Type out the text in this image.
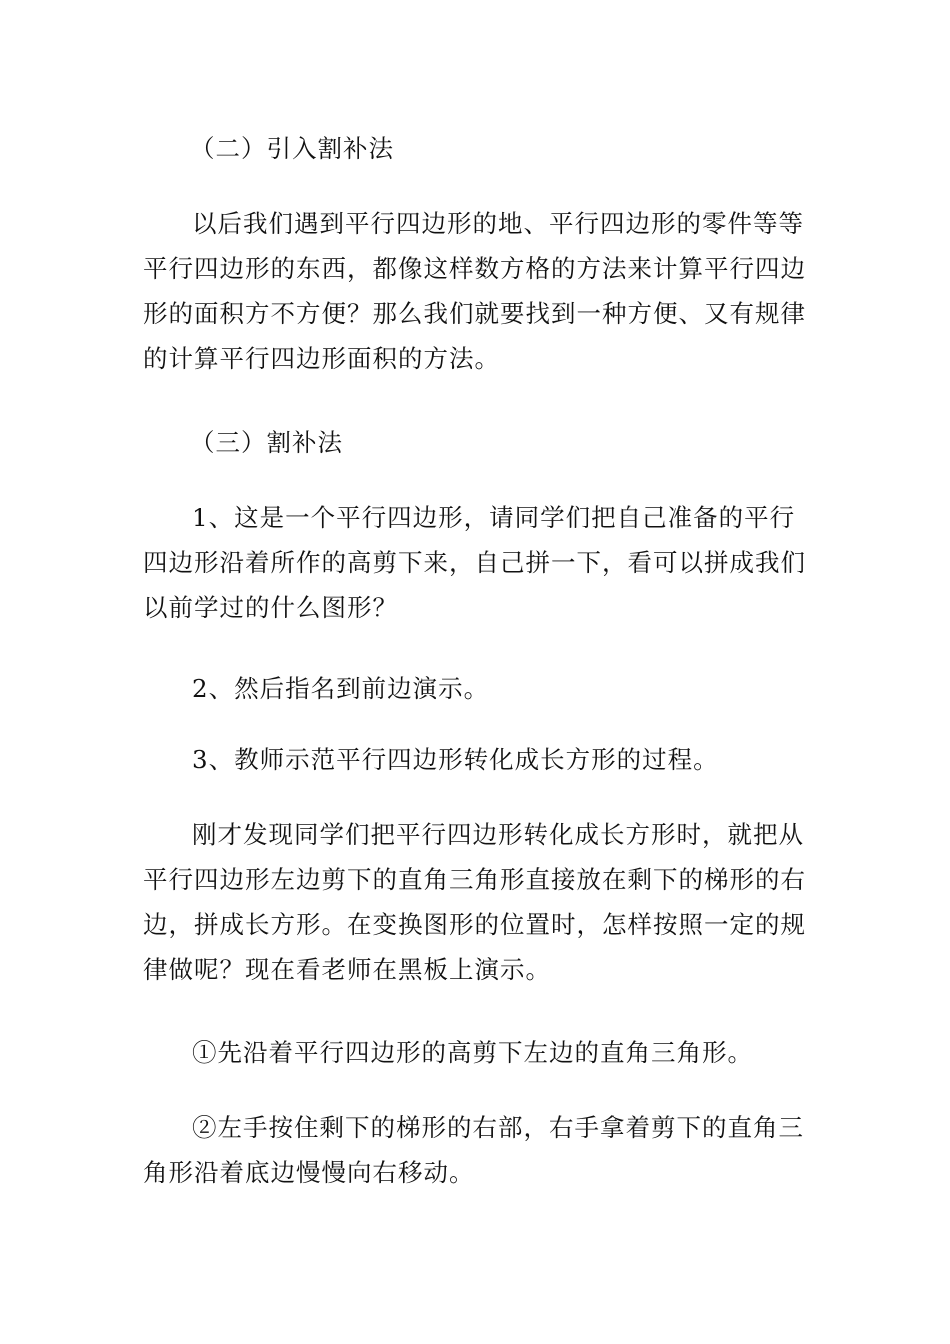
（二）引入割补法

以后我们遇到平行四边形的地、平行四边形的零件等等平行四边形的东西，都像这样数方格的方法来计算平行四边形的面积方不方便？那么我们就要找到一种方便、又有规律的计算平行四边形面积的方法。

（三）割补法

1、这是一个平行四边形，请同学们把自己准备的平行四边形沿着所作的高剪下来，自己拼一下，看可以拼成我们以前学过的什么图形？

2、然后指名到前边演示。

3、教师示范平行四边形转化成长方形的过程。

刚才发现同学们把平行四边形转化成长方形时，就把从平行四边形左边剪下的直角三角形直接放在剩下的梯形的右边，拼成长方形。在变换图形的位置时，怎样按照一定的规律做呢？现在看老师在黑板上演示。

①先沿着平行四边形的高剪下左边的直角三角形。

②左手按住剩下的梯形的右部，右手拿着剪下的直角三角形沿着底边慢慢向右移动。
